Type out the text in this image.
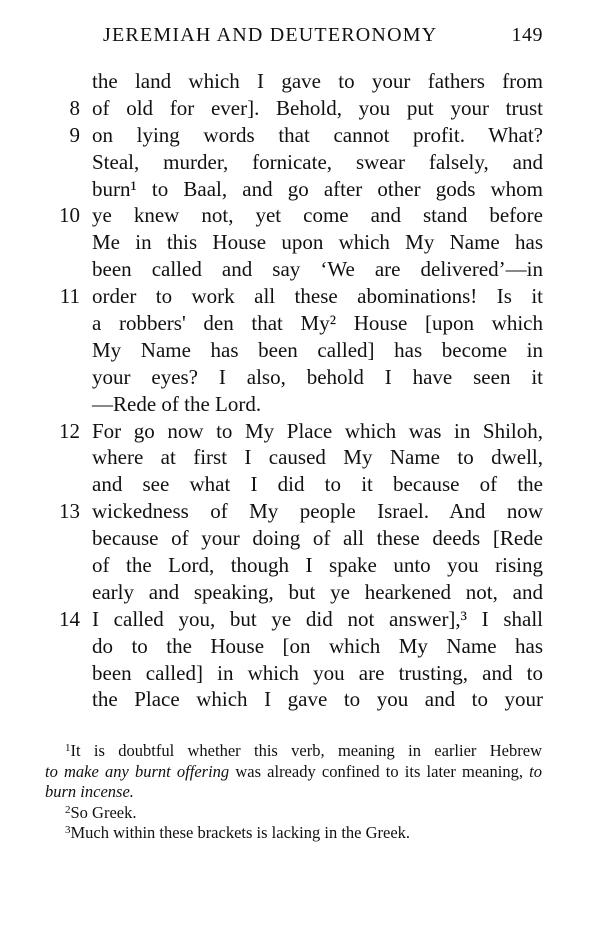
JEREMIAH AND DEUTERONOMY	149
the land which I gave to your fathers from
8 of old for ever]. Behold, you put your trust
9 on lying words that cannot profit. What?
Steal, murder, fornicate, swear falsely, and
burn¹ to Baal, and go after other gods whom
10 ye knew not, yet come and stand before
Me in this House upon which My Name has
been called and say ‘We are delivered’—in
11 order to work all these abominations! Is it
a robbers' den that My² House [upon which
My Name has been called] has become in
your eyes? I also, behold I have seen it
—Rede of the Lord.
12 For go now to My Place which was in Shiloh,
where at first I caused My Name to dwell,
and see what I did to it because of the
13 wickedness of My people Israel. And now
because of your doing of all these deeds [Rede
of the Lord, though I spake unto you rising
early and speaking, but ye hearkened not, and
14 I called you, but ye did not answer],³ I shall
do to the House [on which My Name has
been called] in which you are trusting, and to
the Place which I gave to you and to your
$^1$It is doubtful whether this verb, meaning in earlier Hebrew
to make any burnt offering was already confined to its later meaning, to burn incense.
$^2$So Greek.
$^3$Much within these brackets is lacking in the Greek.
